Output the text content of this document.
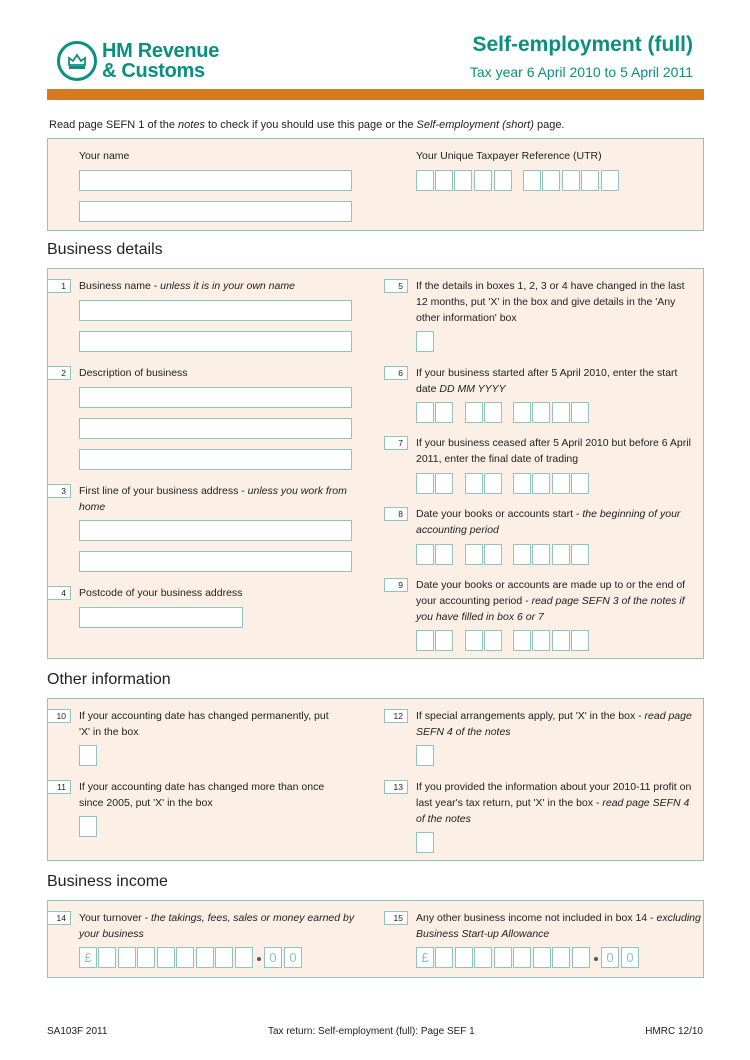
HM Revenue
& Customs
Self-employment (full)
Tax year 6 April 2010 to 5 April 2011
Read page SEFN 1 of the notes to check if you should use this page or the Self-employment (short) page.
Your name	Your Unique Taxpayer Reference (UTR)
Business details
1	Business name - unless it is in your own name
2	Description of business
3	First line of your business address - unless you work from home
4	Postcode of your business address
5	If the details in boxes 1, 2, 3 or 4 have changed in the last 12 months, put 'X' in the box and give details in the 'Any other information' box
6	If your business started after 5 April 2010, enter the start date DD MM YYYY
7	If your business ceased after 5 April 2010 but before 6 April 2011, enter the final date of trading
8	Date your books or accounts start - the beginning of your accounting period
9	Date your books or accounts are made up to or the end of your accounting period - read page SEFN 3 of the notes if you have filled in box 6 or 7
Other information
10	If your accounting date has changed permanently, put 'X' in the box
11	If your accounting date has changed more than once since 2005, put 'X' in the box
12	If special arrangements apply, put 'X' in the box - read page SEFN 4 of the notes
13	If you provided the information about your 2010-11 profit on last year's tax return, put 'X' in the box - read page SEFN 4 of the notes
Business income
14	Your turnover - the takings, fees, sales or money earned by your business
£	0 0
15	Any other business income not included in box 14 - excluding Business Start-up Allowance
£	0 0
SA103F 2011	Tax return: Self-employment (full): Page SEF 1	HMRC 12/10
